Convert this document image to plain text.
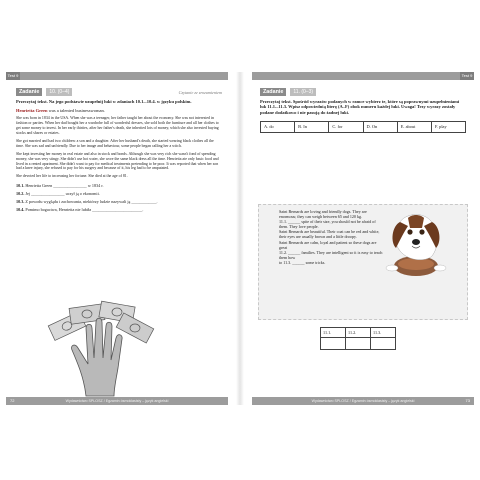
Test 9
Zadanie	10. (0–4)	Czytanie ze zrozumieniem
Przeczytaj tekst. Na jego podstawie uzupełnij luki w zdaniach 10.1.–10.4. w języku polskim.
Henrietta Green was a talented businesswoman.

She was born in 1834 in the USA. When she was a teenager, her father taught her about the economy. She was not interested in fashion or parties. When her dad bought her a wardrobe full of wonderful dresses, she sold both the furniture and all her clothes to get some money to invest. In her early thirties, after her father's death, she inherited lots of money, which she also invested buying stocks and shares or estates.

She got married and had two children: a son and a daughter. After her husband's death, she started wearing black clothes all the time. She was sad and unfriendly. Due to her image and behaviour, some people began calling her a witch.

She kept investing her money in real estate and also in stock and bonds. Although she was very rich she wasn't fond of spending money, she was very stingy. She didn't use hot water, she wore the same black dress all the time. Henrietta ate only basic food and lived in a rented apartment. She didn't want to pay for medical treatments pretending to be poor. It was reported that when her son had a knee injury, she refused to pay for his surgery and because of it, his leg had to be amputated.

She devoted her life to increasing her fortune. She died at the age of 81.

10.1. Henrietta Green ________________ w 1834 r.
10.2. Jej ________________ uczył ją o ekonomii.
10.3. Z powodu wyglądu i zachowania, niektórzy ludzie nazywali ją ____________.
10.4. Pomimo bogactwa, Henrietta nie lubiła ________________________.
Wydawnictwo SPLOSZ / Egzamin ósmoklasisty – język angielski
72
Test 9
Zadanie	11. (0–3)
Przeczytaj tekst. Spośród wyrazów podanych w ramce wybierz te, które są poprawnymi uzupełnieniami luk 11.1.–11.3. Wpisz odpowiednią literę (A–F) obok numeru każdej luki. Uwaga! Trzy wyrazy zostały podane dodatkowo i nie pasują do żadnej luki.
A. do	B. In	C. for	D. On	E. about	F. play
Saint Bernards are loving and friendly dogs. They are enormous; they can weigh between 65 and 120 kg.
11.1. ______ spite of their size, you should not be afraid of them. They love people.
Saint Bernards are beautiful. Their coat can be red and white, their eyes are usually brown and a little droopy.
Saint Bernards are calm, loyal and patient so these dogs are great
11.2. ______ families. They are intelligent so it is easy to teach them how
to 11.3. ______ some tricks.
11.1.	11.2.	11.3.
Wydawnictwo SPLOSZ / Egzamin ósmoklasisty – język angielski	73
